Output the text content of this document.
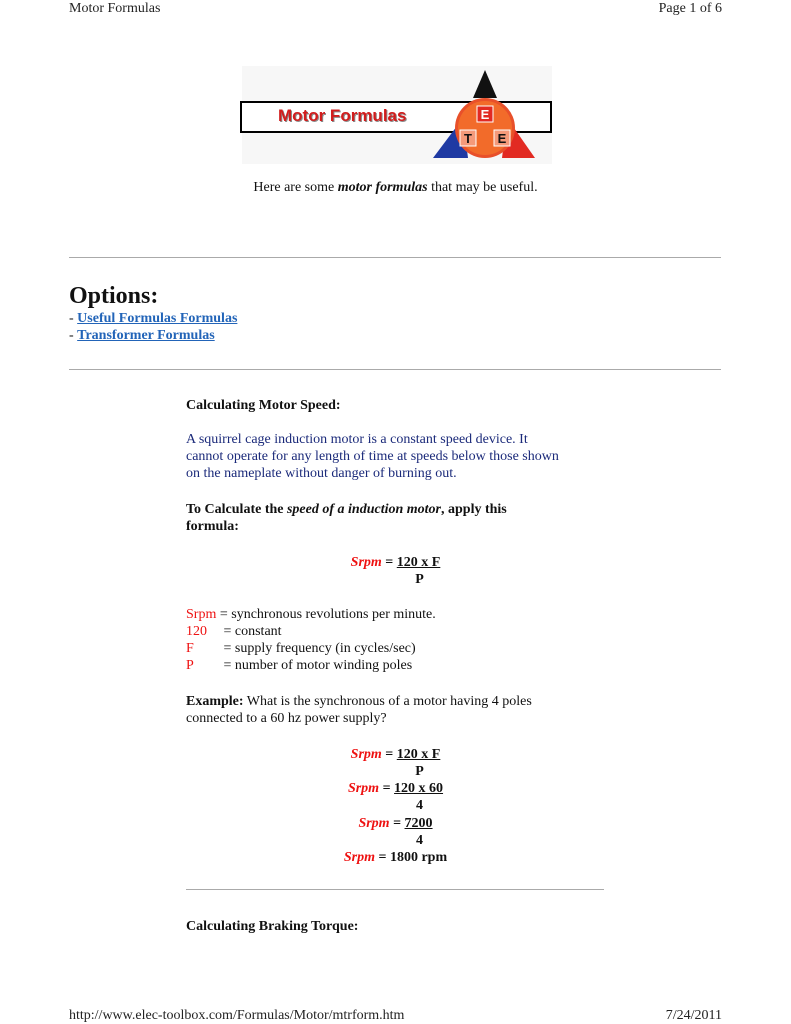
Motor Formulas	Page 1 of 6
Motor Formulas	E
T E
Here are some motor formulas that may be useful.
Options:
- Useful Formulas Formulas
- Transformer Formulas
Calculating Motor Speed:
A squirrel cage induction motor is a constant speed device. It
cannot operate for any length of time at speeds below those shown
on the nameplate without danger of burning out.
To Calculate the speed of a induction motor, apply this
formula:
Srpm = 120 x F
P
Srpm = synchronous revolutions per minute.
120 = constant
F = supply frequency (in cycles/sec)
P = number of motor winding poles
Example: What is the synchronous of a motor having 4 poles
connected to a 60 hz power supply?
Srpm = 120 x F
P
Srpm = 120 x 60
4
Srpm = 7200
4
Srpm = 1800 rpm
Calculating Braking Torque:
http://www.elec-toolbox.com/Formulas/Motor/mtrform.htm	7/24/2011
